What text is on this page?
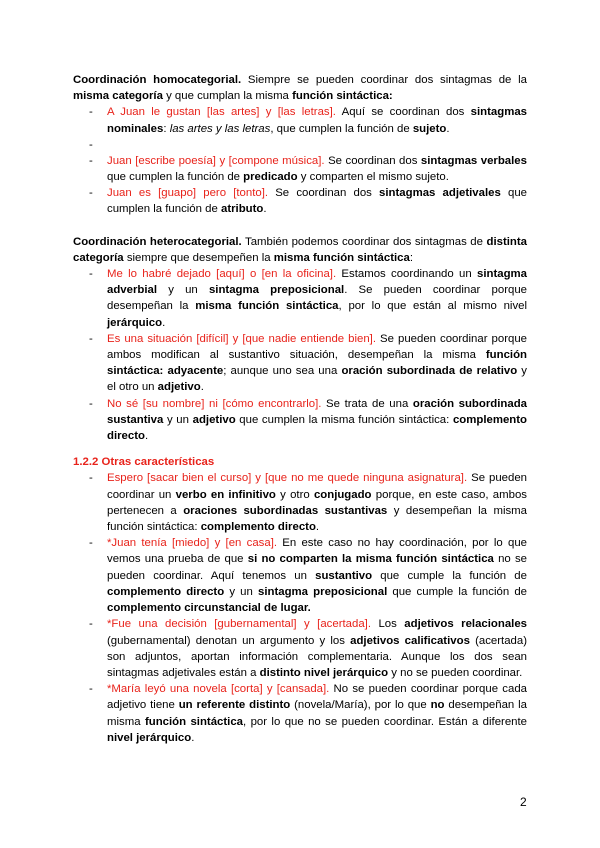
Coordinación homocategorial. Siempre se pueden coordinar dos sintagmas de la misma categoría y que cumplan la misma función sintáctica:

- A Juan le gustan [las artes] y [las letras]. Aquí se coordinan dos sintagmas nominales: las artes y las letras, que cumplen la función de sujeto.
-
- Juan [escribe poesía] y [compone música]. Se coordinan dos sintagmas verbales que cumplen la función de predicado y comparten el mismo sujeto.
- Juan es [guapo] pero [tonto]. Se coordinan dos sintagmas adjetivales que cumplen la función de atributo.

Coordinación heterocategorial. También podemos coordinar dos sintagmas de distinta categoría siempre que desempeñen la misma función sintáctica:

- Me lo habré dejado [aquí] o [en la oficina]. Estamos coordinando un sintagma adverbial y un sintagma preposicional. Se pueden coordinar porque desempeñan la misma función sintáctica, por lo que están al mismo nivel jerárquico.
- Es una situación [difícil] y [que nadie entiende bien]. Se pueden coordinar porque ambos modifican al sustantivo situación, desempeñan la misma función sintáctica: adyacente; aunque uno sea una oración subordinada de relativo y el otro un adjetivo.
- No sé [su nombre] ni [cómo encontrarlo]. Se trata de una oración subordinada sustantiva y un adjetivo que cumplen la misma función sintáctica: complemento directo.
1.2.2 Otras características
- Espero [sacar bien el curso] y [que no me quede ninguna asignatura]. Se pueden coordinar un verbo en infinitivo y otro conjugado porque, en este caso, ambos pertenecen a oraciones subordinadas sustantivas y desempeñan la misma función sintáctica: complemento directo.
- *Juan tenía [miedo] y [en casa]. En este caso no hay coordinación, por lo que vemos una prueba de que si no comparten la misma función sintáctica no se pueden coordinar. Aquí tenemos un sustantivo que cumple la función de complemento directo y un sintagma preposicional que cumple la función de complemento circunstancial de lugar.
- *Fue una decisión [gubernamental] y [acertada]. Los adjetivos relacionales (gubernamental) denotan un argumento y los adjetivos calificativos (acertada) son adjuntos, aportan información complementaria. Aunque los dos sean sintagmas adjetivales están a distinto nivel jerárquico y no se pueden coordinar.
- *María leyó una novela [corta] y [cansada]. No se pueden coordinar porque cada adjetivo tiene un referente distinto (novela/María), por lo que no desempeñan la misma función sintáctica, por lo que no se pueden coordinar. Están a diferente nivel jerárquico.
2
